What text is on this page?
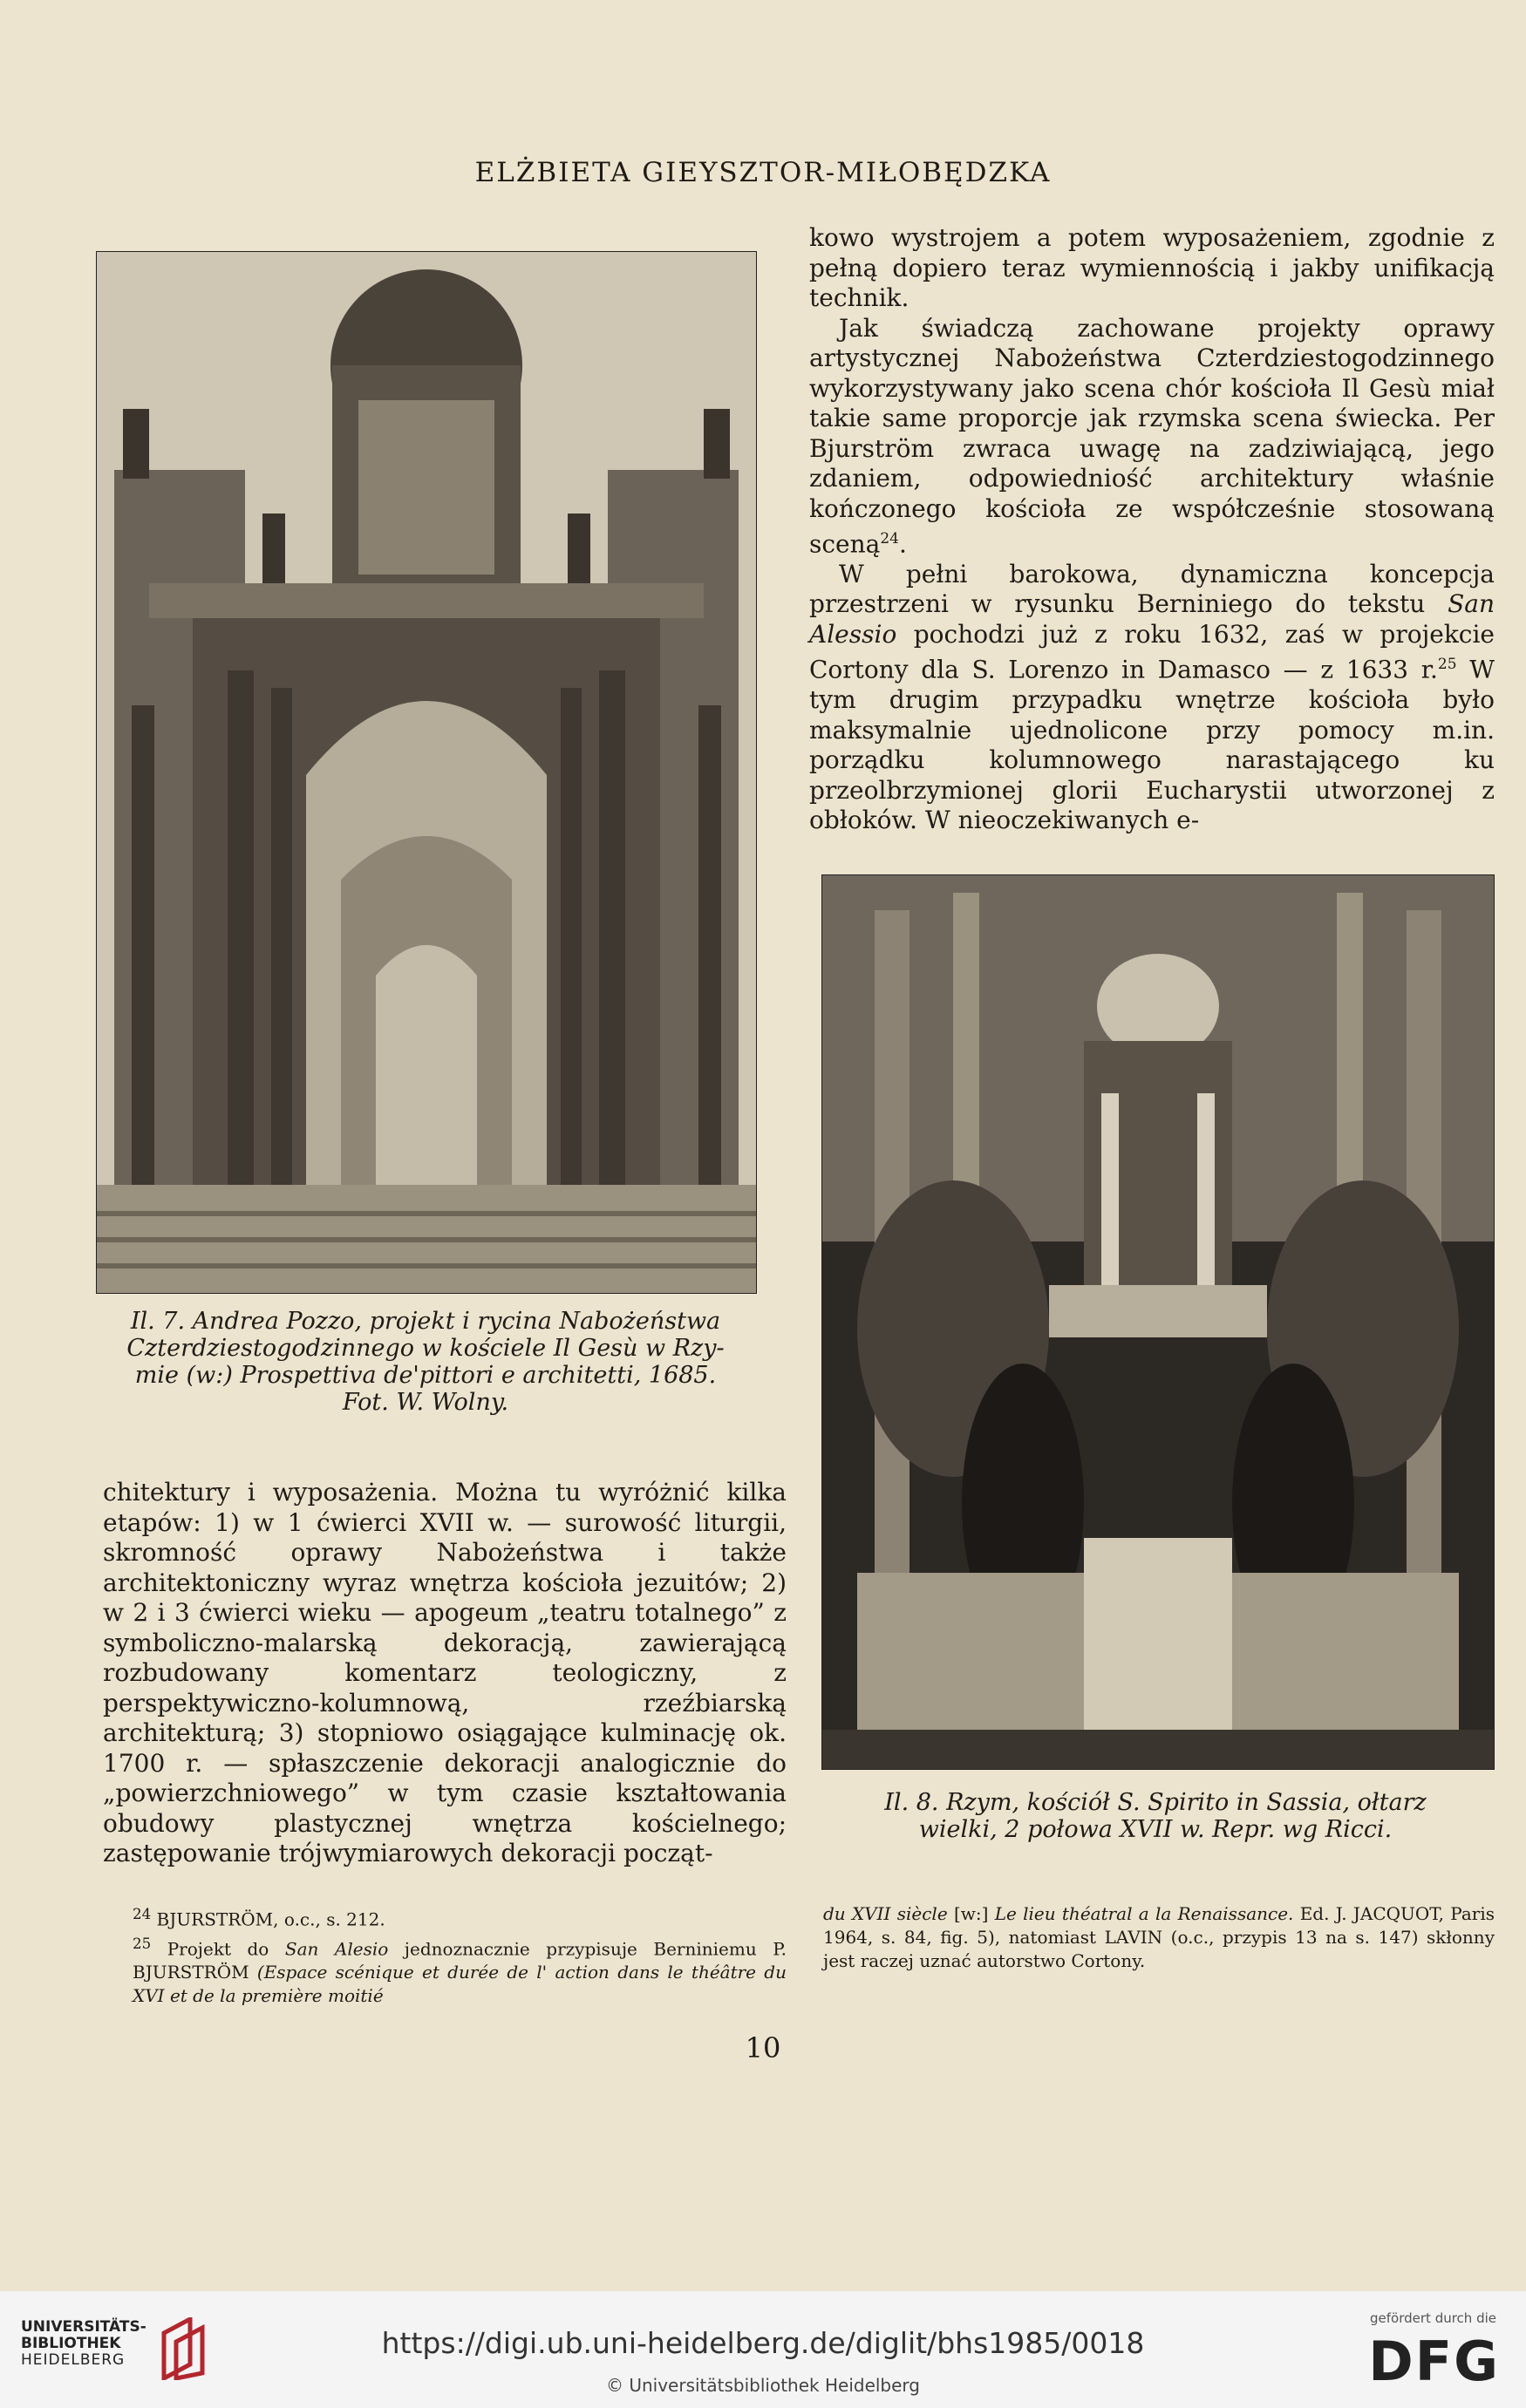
ELŻBIETA GIEYSZTOR-MIŁOBĘDZKA
Il. 7. Andrea Pozzo, projekt i rycina Nabożeństwa
Czterdziestogodzinnego w kościele Il Gesù w Rzy-
mie (w:) Prospettiva de'pittori e architetti, 1685.
Fot. W. Wolny.

kowo wystrojem a potem wyposażeniem, zgodnie z pełną dopiero teraz wymiennością i jakby unifikacją technik.

Jak świadczą zachowane projekty oprawy artystycznej Nabożeństwa Czterdziestogodzinnego wykorzystywany jako scena chór kościoła Il Gesù miał takie same proporcje jak rzymska scena świecka. Per Bjurström zwraca uwagę na zadziwiającą, jego zdaniem, odpowiedniość architektury właśnie kończonego kościoła ze współcześnie stosowaną sceną$^{24}$.

W pełni barokowa, dynamiczna koncepcja przestrzeni w rysunku Berniniego do tekstu San Alessio pochodzi już z roku 1632, zaś w projekcie Cortony dla S. Lorenzo in Damasco — z 1633 r.$^{25}$ W tym drugim przypadku wnętrze kościoła było maksymalnie ujednolicone przy pomocy m.in. porządku kolumnowego narastającego ku przeolbrzymionej glorii Eucharystii utworzonej z obłoków. W nieoczekiwanych e-

Il. 8. Rzym, kościół S. Spirito in Sassia, ołtarz
wielki, 2 połowa XVII w. Repr. wg Ricci.

chitektury i wyposażenia. Można tu wyróżnić kilka etapów: 1) w 1 ćwierci XVII w. — surowość liturgii, skromność oprawy Nabożeństwa i także architektoniczny wyraz wnętrza kościoła jezuitów; 2) w 2 i 3 ćwierci wieku — apogeum „teatru totalnego” z symboliczno-malarską dekoracją, zawierającą rozbudowany komentarz teologiczny, z perspektywiczno-kolumnową, rzeźbiarską architekturą; 3) stopniowo osiągające kulminację ok. 1700 r. — spłaszczenie dekoracji analogicznie do „powierzchniowego” w tym czasie kształtowania obudowy plastycznej wnętrza kościelnego; zastępowanie trójwymiarowych dekoracji począt-

$^{24}$ BJURSTRÖM, o.c., s. 212.

$^{25}$ Projekt do San Alesio jednoznacznie przypisuje Berniniemu P. BJURSTRÖM (Espace scénique et durée de l' action dans le théâtre du XVI et de la première moitié

du XVII siècle [w:] Le lieu théatral a la Renaissance. Ed. J. JACQUOT, Paris 1964, s. 84, fig. 5), natomiast LAVIN (o.c., przypis 13 na s. 147) skłonny jest raczej uznać autorstwo Cortony.

10
UNIVERSITÄTS-
BIBLIOTHEK
HEIDELBERG	https://digi.ub.uni-heidelberg.de/diglit/bhs1985/0018
© Universitätsbibliothek Heidelberg
gefördert durch die
DFG
